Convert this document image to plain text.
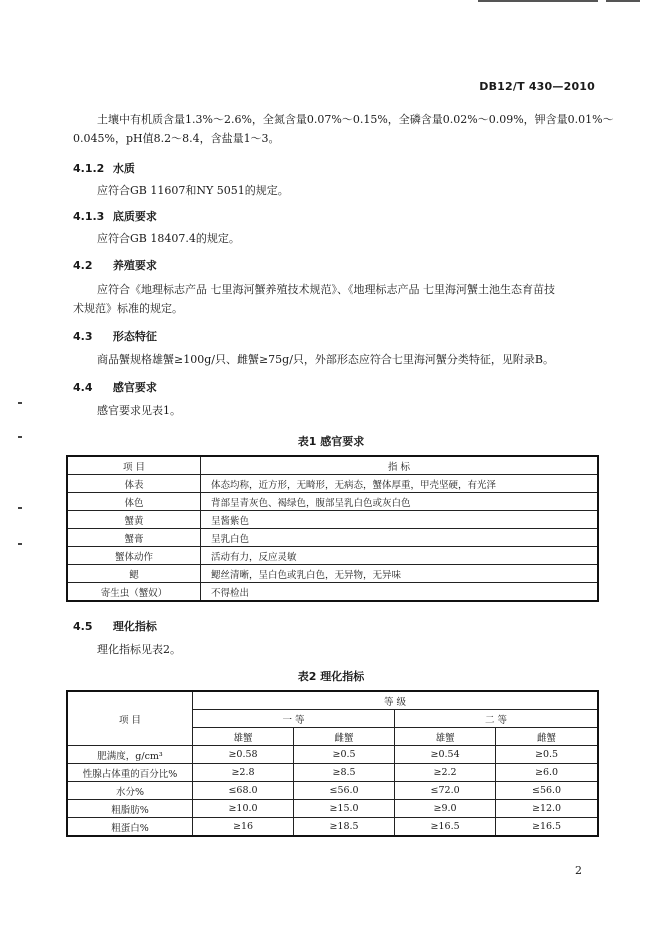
DB12/T 430—2010
土壤中有机质含量1.3%～2.6%，全氮含量0.07%～0.15%，全磷含量0.02%～0.09%，钾含量0.01%～
0.045%，pH值8.2～8.4，含盐量1～3。
4.1.2 水质
应符合GB 11607和NY 5051的规定。
4.1.3 底质要求
应符合GB 18407.4的规定。
4.2 养殖要求
应符合《地理标志产品 七里海河蟹养殖技术规范》、《地理标志产品 七里海河蟹土池生态育苗技
术规范》标准的规定。
4.3 形态特征
商品蟹规格雄蟹≥100g/只、雌蟹≥75g/只，外部形态应符合七里海河蟹分类特征，见附录B。
4.4 感官要求
感官要求见表1。
表1 感官要求
项 目	指 标
体表	体态均称，近方形，无畸形，无病态，蟹体厚重，甲壳坚硬，有光泽
体色	背部呈青灰色、褐绿色，腹部呈乳白色或灰白色
蟹黄	呈酱紫色
蟹膏	呈乳白色
蟹体动作	活动有力，反应灵敏
鳃	鳃丝清晰，呈白色或乳白色，无异物，无异味
寄生虫（蟹奴）	不得检出
4.5 理化指标
理化指标见表2。
表2 理化指标
项 目	等 级			
	一 等		二 等	
	雄蟹	雌蟹	雄蟹	雌蟹
肥满度，g/cm³	≥0.58	≥0.5	≥0.54	≥0.5
性腺占体重的百分比%	≥2.8	≥8.5	≥2.2	≥6.0
水分%	≤68.0	≤56.0	≤72.0	≤56.0
粗脂肪%	≥10.0	≥15.0	≥9.0	≥12.0
粗蛋白%	≥16	≥18.5	≥16.5	≥16.5
2
